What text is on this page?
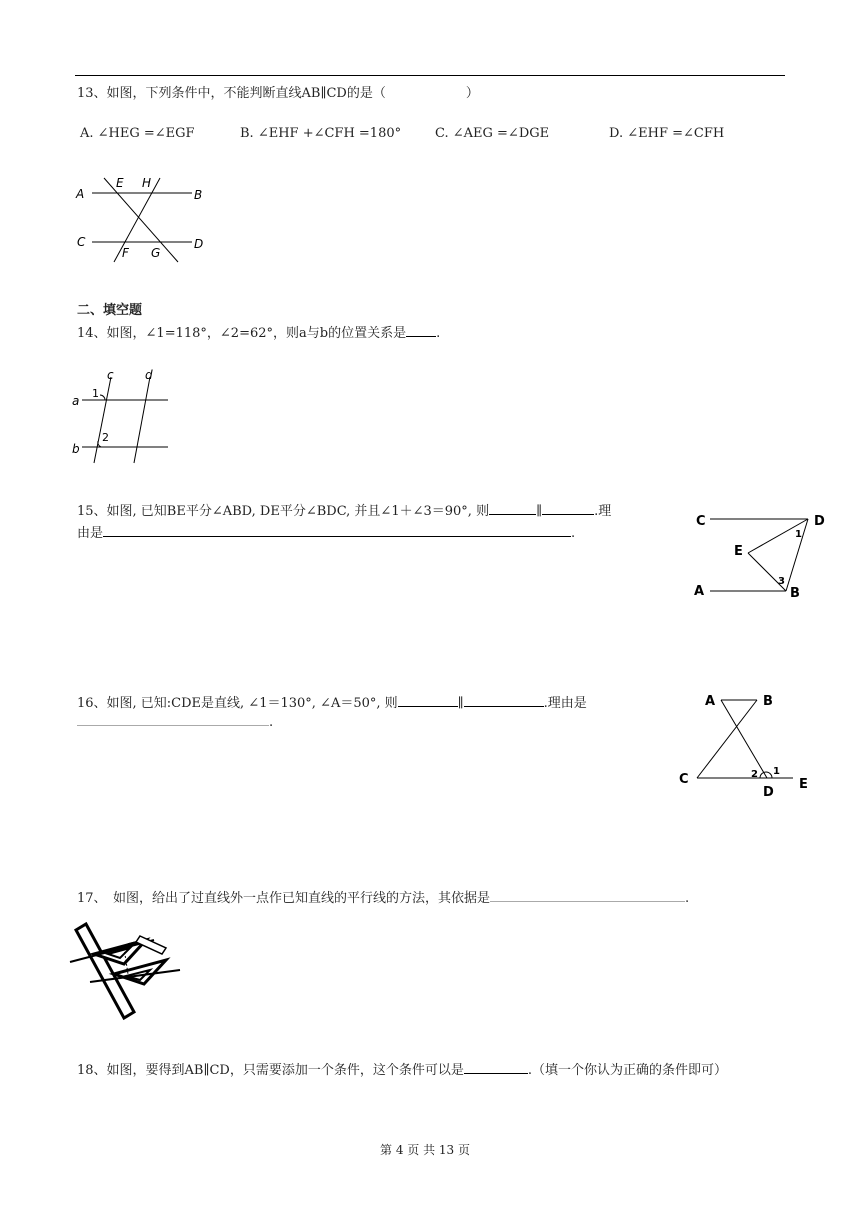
13、如图，下列条件中，不能判断直线AB∥CD的是（	）
A. ∠HEG =∠EGF	B. ∠EHF +∠CFH =180°	C. ∠AEG =∠DGE	D. ∠EHF =∠CFH
A	B
C	D
E H
F G
二、填空题
14、如图，∠1=118°，∠2=62°，则a与b的位置关系是 .
a
b
c	d
1
2
15、如图, 已知BE平分∠ABD, DE平分∠BDC, 并且∠1＋∠3＝90°, 则	∥	.理
由是	.
C	D
E
A	B
1
3
16、如图, 已知:CDE是直线, ∠1＝130°, ∠A＝50°, 则	∥	.理由是
.
A	B
C
D
E
2 1
17、　如图，给出了过直线外一点作已知直线的平行线的方法，其依据是	.
18、如图，要得到AB∥CD，只需要添加一个条件，这个条件可以是	.（填一个你认为正确的条件即可）
第 4 页 共 13 页
